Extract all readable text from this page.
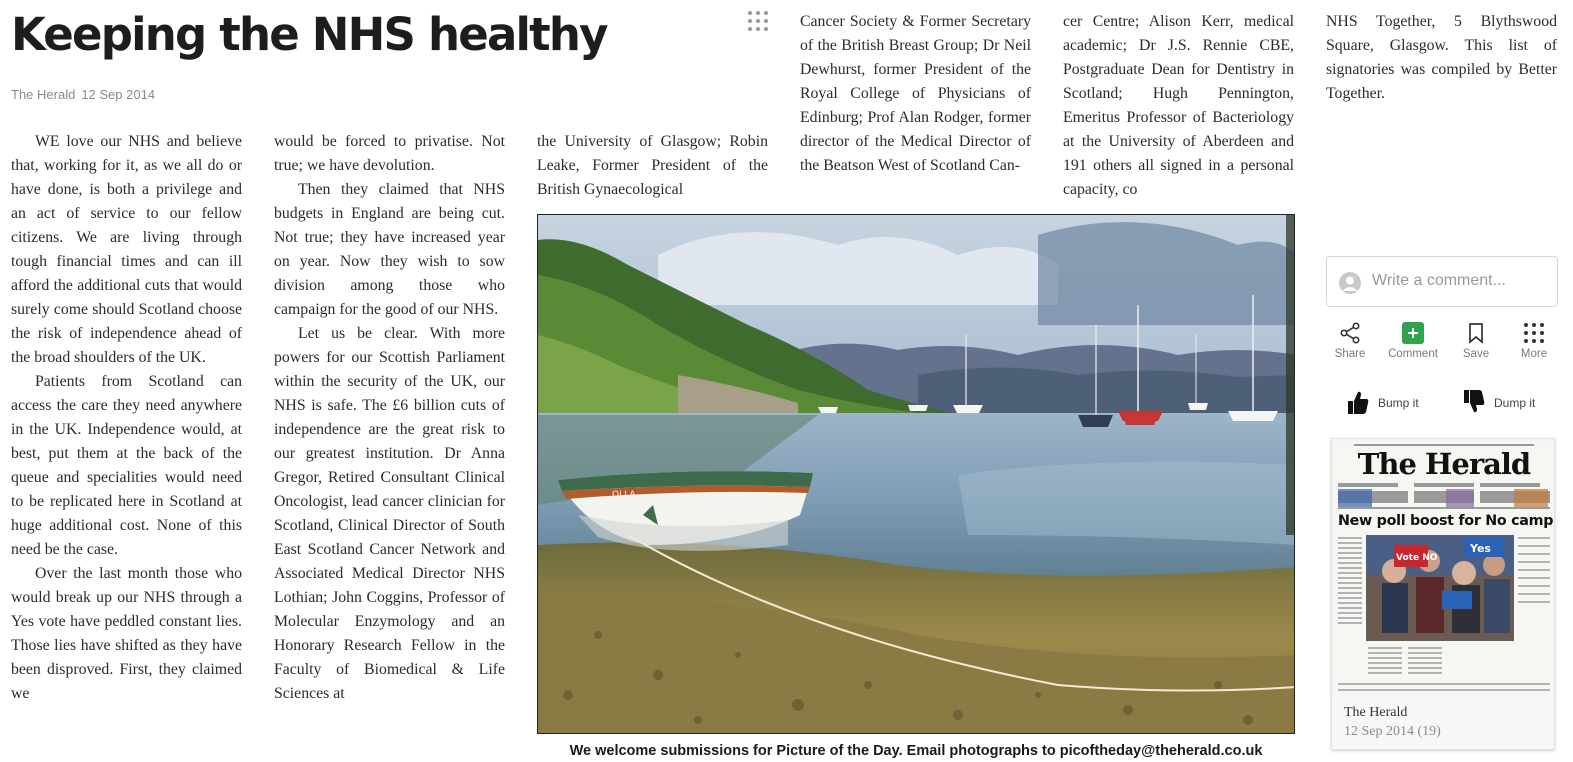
Keeping the NHS healthy
The Herald 12 Sep 2014

WE love our NHS and believe that, working for it, as we all do or have done, is both a privilege and an act of service to our fellow citizens. We are living through tough financial times and can ill afford the additional cuts that would surely come should Scotland choose the risk of independence ahead of the broad shoulders of the UK.

Patients from Scotland can access the care they need anywhere in the UK. Independence would, at best, put them at the back of the queue and specialities would need to be replicated here in Scotland at huge additional cost. None of this need be the case.

Over the last month those who would break up our NHS through a Yes vote have peddled constant lies. Those lies have shifted as they have been disproved. First, they claimed we

would be forced to privatise. Not true; we have devolution.

Then they claimed that NHS budgets in England are being cut. Not true; they have increased year on year. Now they wish to sow division among those who campaign for the good of our NHS.

Let us be clear. With more powers for our Scottish Parliament within the security of the UK, our NHS is safe. The £6 billion cuts of independence are the great risk to our greatest institution. Dr Anna Gregor, Retired Consultant Clinical Oncologist, lead cancer clinician for Scotland, Clinical Director of South East Scotland Cancer Network and Associated Medical Director NHS Lothian; John Coggins, Professor of Molecular Enzymology and an Honorary Research Fellow in the Faculty of Biomedical & Life Sciences at

the University of Glasgow; Robin Leake, Former President of the British Gynaecological

Cancer Society & Former Secretary of the British Breast Group; Dr Neil Dewhurst, former President of the Royal College of Physicians of Edinburg; Prof Alan Rodger, former director of the Medical Director of the Beatson West of Scotland Can-

cer Centre; Alison Kerr, medical academic; Dr J.S. Rennie CBE, Postgraduate Dean for Dentistry in Scotland; Hugh Pennington, Emeritus Professor of Bacteriology at the University of Aberdeen and 191 others all signed in a personal capacity, co

NHS Together, 5 Blythswood Square, Glasgow. This list of signatories was compiled by Better Together.

OLLA
We welcome submissions for Picture of the Day. Email photographs to picoftheday@theherald.co.uk
Write a comment...
Share	Comment	Save	More
Bump it	Dump it
Vote NO
Yes
The Herald
New poll boost for No camp
The Herald
12 Sep 2014 (19)
